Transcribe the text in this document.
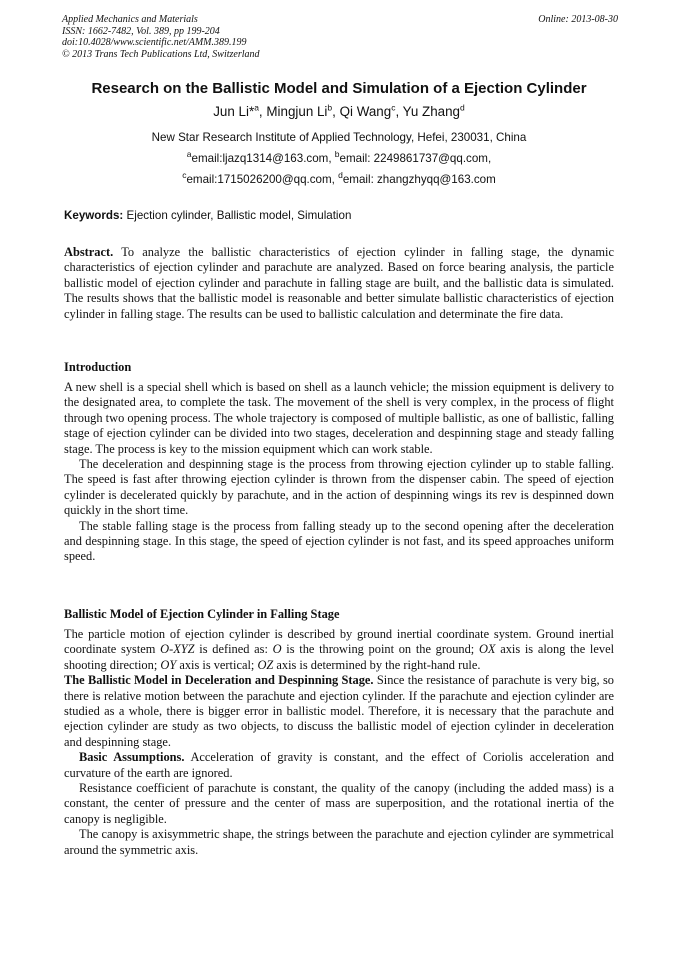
Applied Mechanics and Materials
ISSN: 1662-7482, Vol. 389, pp 199-204
doi:10.4028/www.scientific.net/AMM.389.199
© 2013 Trans Tech Publications Ltd, Switzerland
Online: 2013-08-30
Research on the Ballistic Model and Simulation of a Ejection Cylinder
Jun Li*$^a$, Mingjun Li$^b$, Qi Wang$^c$, Yu Zhang$^d$
New Star Research Institute of Applied Technology, Hefei, 230031, China
$^a$email:ljazq1314@163.com, $^b$email: 2249861737@qq.com,
$^c$email:1715026200@qq.com, $^d$email: zhangzhyqq@163.com
Keywords: Ejection cylinder, Ballistic model, Simulation

Abstract. To analyze the ballistic characteristics of ejection cylinder in falling stage, the dynamic characteristics of ejection cylinder and parachute are analyzed. Based on force bearing analysis, the particle ballistic model of ejection cylinder and parachute in falling stage are built, and the ballistic data is simulated. The results shows that the ballistic model is reasonable and better simulate ballistic characteristics of ejection cylinder in falling stage. The results can be used to ballistic calculation and determinate the fire data.

Introduction

A new shell is a special shell which is based on shell as a launch vehicle; the mission equipment is delivery to the designated area, to complete the task. The movement of the shell is very complex, in the process of flight through two opening process. The whole trajectory is composed of multiple ballistic, as one of ballistic, falling stage of ejection cylinder can be divided into two stages, deceleration and despinning stage and steady falling stage. The process is key to the mission equipment which can work stable.

The deceleration and despinning stage is the process from throwing ejection cylinder up to stable falling. The speed is fast after throwing ejection cylinder is thrown from the dispenser cabin. The speed of ejection cylinder is decelerated quickly by parachute, and in the action of despinning wings its rev is despinned down quickly in the short time.

The stable falling stage is the process from falling steady up to the second opening after the deceleration and despinning stage. In this stage, the speed of ejection cylinder is not fast, and its speed approaches uniform speed.

Ballistic Model of Ejection Cylinder in Falling Stage

The particle motion of ejection cylinder is described by ground inertial coordinate system. Ground inertial coordinate system O-XYZ is defined as: O is the throwing point on the ground; OX axis is along the level shooting direction; OY axis is vertical; OZ axis is determined by the right-hand rule.

The Ballistic Model in Deceleration and Despinning Stage. Since the resistance of parachute is very big, so there is relative motion between the parachute and ejection cylinder. If the parachute and ejection cylinder are studied as a whole, there is bigger error in ballistic model. Therefore, it is necessary that the parachute and ejection cylinder are study as two objects, to discuss the ballistic model of ejection cylinder in deceleration and despinning stage.

Basic Assumptions. Acceleration of gravity is constant, and the effect of Coriolis acceleration and curvature of the earth are ignored.

Resistance coefficient of parachute is constant, the quality of the canopy (including the added mass) is a constant, the center of pressure and the center of mass are superposition, and the rotational inertia of the canopy is negligible.

The canopy is axisymmetric shape, the strings between the parachute and ejection cylinder are symmetrical around the symmetric axis.
